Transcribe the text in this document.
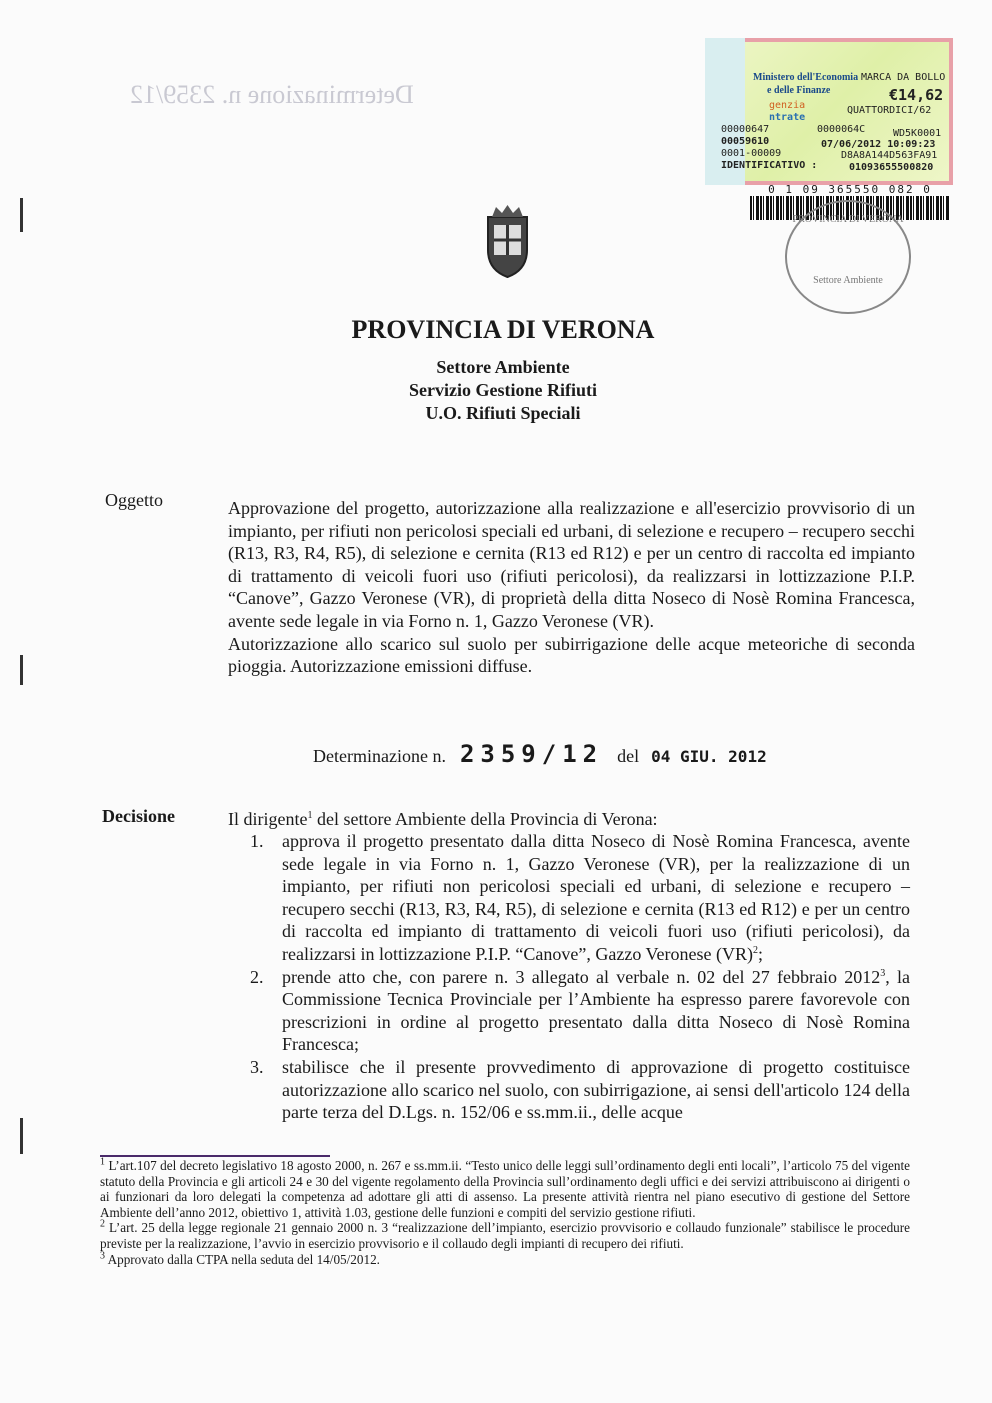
Determinazione n. 2359/12
Ministero dell'Economia
e delle Finanze
genzia
ntrate
MARCA DA BOLLO
€14,62
QUATTORDICI/62
00000647	0000064C	WD5K0001
00059610	07/06/2012 10:09:23
0001-00009	D8A8A144D563FA91
IDENTIFICATIVO :	01093655500820
0 1 09 365550 082 0
PROVINCIA DI VERONA
Settore Ambiente
PROVINCIA DI VERONA
Settore Ambiente
Servizio Gestione Rifiuti
U.O. Rifiuti Speciali
Oggetto	Approvazione del progetto, autorizzazione alla realizzazione e all'esercizio provvisorio di un impianto, per rifiuti non pericolosi speciali ed urbani, di selezione e recupero – recupero secchi (R13, R3, R4, R5), di selezione e cernita (R13 ed R12) e per un centro di raccolta ed impianto di trattamento di veicoli fuori uso (rifiuti pericolosi), da realizzarsi in lottizzazione P.I.P. “Canove”, Gazzo Veronese (VR), di proprietà della ditta Noseco di Nosè Romina Francesca, avente sede legale in via Forno n. 1, Gazzo Veronese (VR).
Autorizzazione allo scarico sul suolo per subirrigazione delle acque meteoriche di seconda pioggia. Autorizzazione emissioni diffuse.
Determinazione n. 2359/12 del 04 GIU. 2012
Decisione	Il dirigente$^1$ del settore Ambiente della Provincia di Verona:
1. approva il progetto presentato dalla ditta Noseco di Nosè Romina Francesca, avente sede legale in via Forno n. 1, Gazzo Veronese (VR), per la realizzazione di un impianto, per rifiuti non pericolosi speciali ed urbani, di selezione e recupero – recupero secchi (R13, R3, R4, R5), di selezione e cernita (R13 ed R12) e per un centro di raccolta ed impianto di trattamento di veicoli fuori uso (rifiuti pericolosi), da realizzarsi in lottizzazione P.I.P. “Canove”, Gazzo Veronese (VR)$^2$;
2. prende atto che, con parere n. 3 allegato al verbale n. 02 del 27 febbraio 2012$^3$, la Commissione Tecnica Provinciale per l’Ambiente ha espresso parere favorevole con prescrizioni in ordine al progetto presentato dalla ditta Noseco di Nosè Romina Francesca;
3. stabilisce che il presente provvedimento di approvazione di progetto costituisce autorizzazione allo scarico nel suolo, con subirrigazione, ai sensi dell'articolo 124 della parte terza del D.Lgs. n. 152/06 e ss.mm.ii., delle acque
$^1$ L’art.107 del decreto legislativo 18 agosto 2000, n. 267 e ss.mm.ii. “Testo unico delle leggi sull’ordinamento degli enti locali”, l’articolo 75 del vigente statuto della Provincia e gli articoli 24 e 30 del vigente regolamento della Provincia sull’ordinamento degli uffici e dei servizi attribuiscono ai dirigenti o ai funzionari da loro delegati la competenza ad adottare gli atti di assenso. La presente attività rientra nel piano esecutivo di gestione del Settore Ambiente dell’anno 2012, obiettivo 1, attività 1.03, gestione delle funzioni e compiti del servizio gestione rifiuti.
$^2$ L’art. 25 della legge regionale 21 gennaio 2000 n. 3 “realizzazione dell’impianto, esercizio provvisorio e collaudo funzionale” stabilisce le procedure previste per la realizzazione, l’avvio in esercizio provvisorio e il collaudo degli impianti di recupero dei rifiuti.
$^3$ Approvato dalla CTPA nella seduta del 14/05/2012.
